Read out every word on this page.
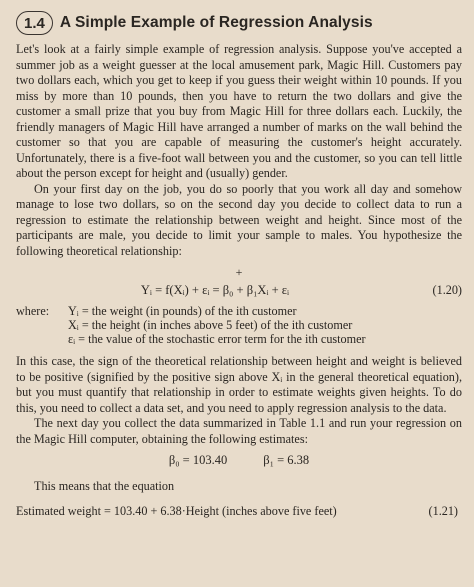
1.4 A Simple Example of Regression Analysis

Let's look at a fairly simple example of regression analysis. Suppose you've accepted a summer job as a weight guesser at the local amusement park, Magic Hill. Customers pay two dollars each, which you get to keep if you guess their weight within 10 pounds. If you miss by more than 10 pounds, then you have to return the two dollars and give the customer a small prize that you buy from Magic Hill for three dollars each. Luckily, the friendly managers of Magic Hill have arranged a number of marks on the wall behind the customer so that you are capable of measuring the customer's height accurately. Unfortunately, there is a five-foot wall between you and the customer, so you can tell little about the person except for height and (usually) gender.

On your first day on the job, you do so poorly that you work all day and somehow manage to lose two dollars, so on the second day you decide to collect data to run a regression to estimate the relationship between weight and height. Since most of the participants are male, you decide to limit your sample to males. You hypothesize the following theoretical relationship:

+
Yᵢ = f(Xᵢ) + εᵢ = β₀ + β₁Xᵢ + εᵢ	(1.20)
where:	Yᵢ = the weight (in pounds) of the ith customer
Xᵢ = the height (in inches above 5 feet) of the ith customer
εᵢ = the value of the stochastic error term for the ith customer

In this case, the sign of the theoretical relationship between height and weight is believed to be positive (signified by the positive sign above Xᵢ in the general theoretical equation), but you must quantify that relationship in order to estimate weights given heights. To do this, you need to collect a data set, and you need to apply regression analysis to the data.

The next day you collect the data summarized in Table 1.1 and run your regression on the Magic Hill computer, obtaining the following estimates:

β₀ = 103.40	β₁ = 6.38

This means that the equation

Estimated weight = 103.40 + 6.38·Height (inches above five feet)	(1.21)
